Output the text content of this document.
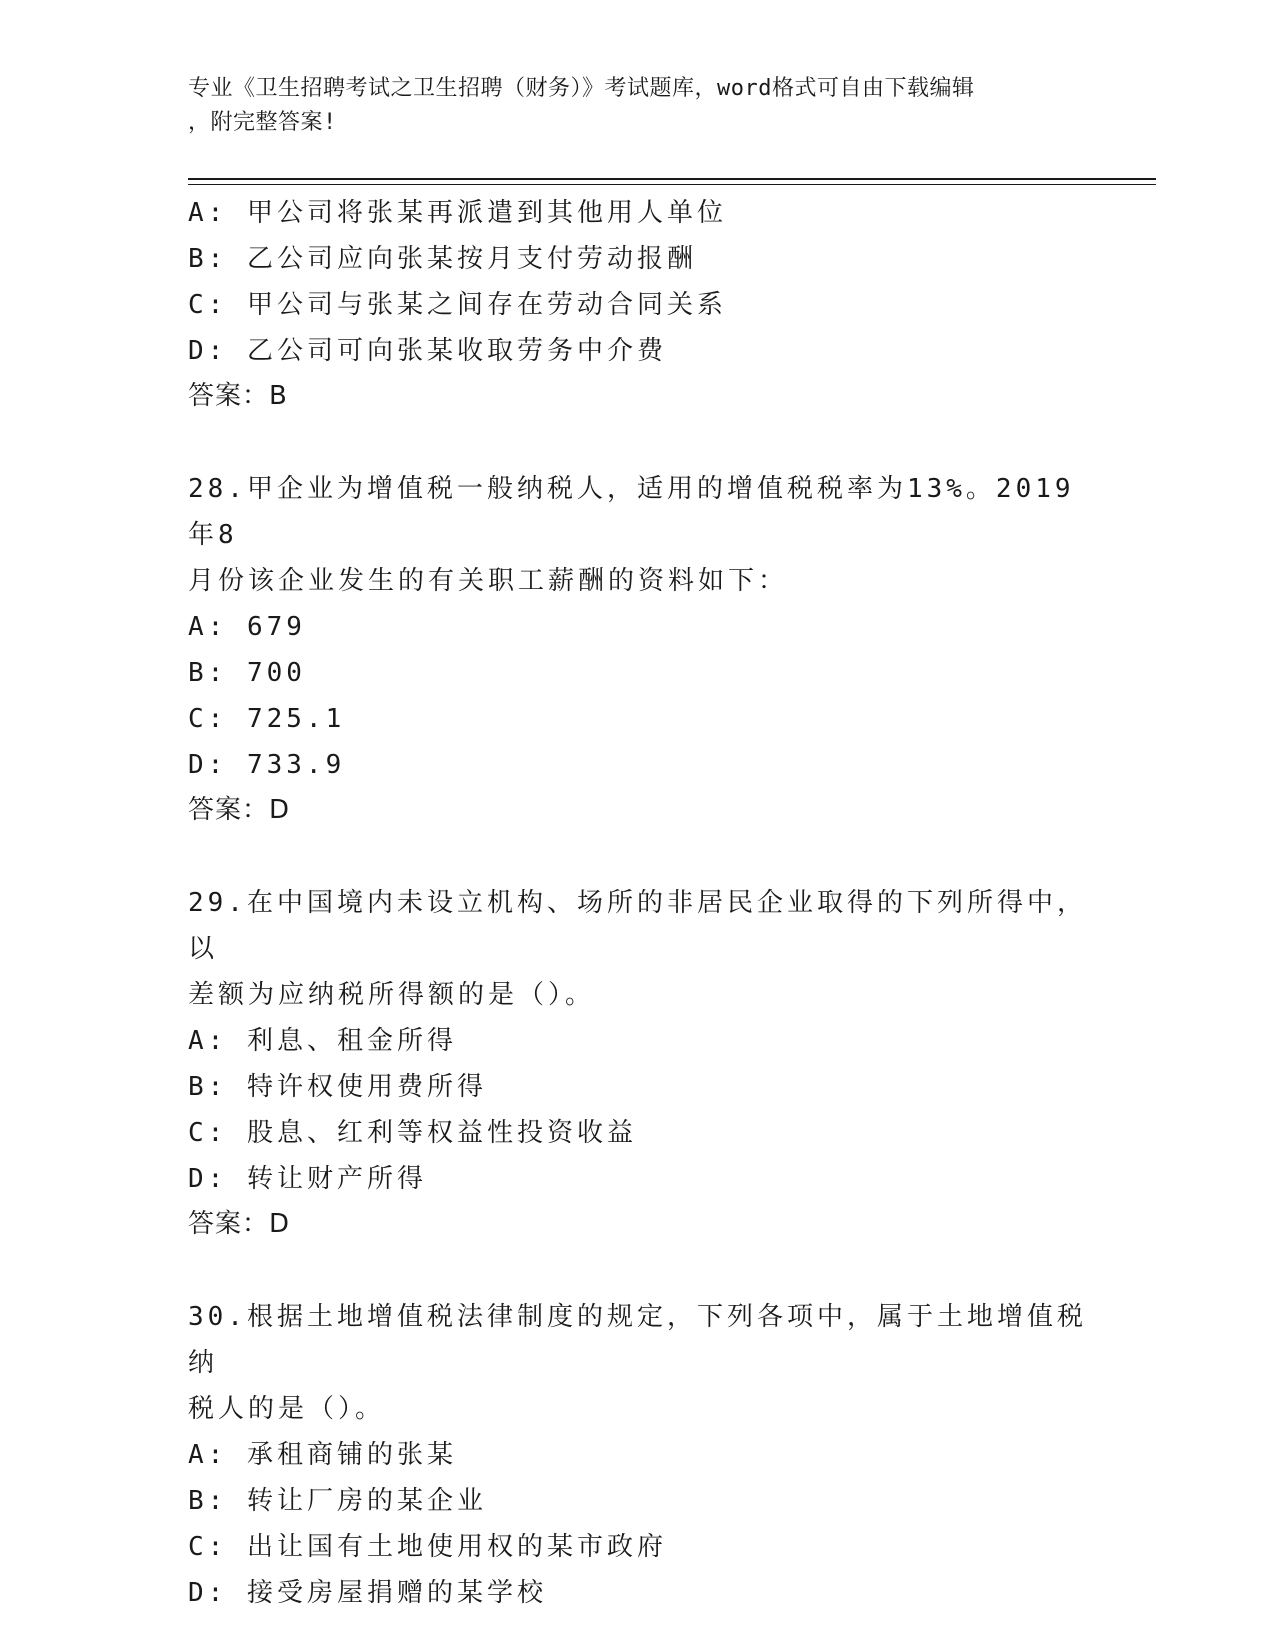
专业《卫生招聘考试之卫生招聘（财务）》考试题库，word格式可自由下载编辑

，附完整答案!
A: 甲公司将张某再派遣到其他用人单位
B: 乙公司应向张某按月支付劳动报酬
C: 甲公司与张某之间存在劳动合同关系
D: 乙公司可向张某收取劳务中介费
答案：B
28.甲企业为增值税一般纳税人，适用的增值税税率为13%。2019年8
月份该企业发生的有关职工薪酬的资料如下：
A: 679
B: 700
C: 725.1
D: 733.9
答案：D
29.在中国境内未设立机构、场所的非居民企业取得的下列所得中，以
差额为应纳税所得额的是（）。
A: 利息、租金所得
B: 特许权使用费所得
C: 股息、红利等权益性投资收益
D: 转让财产所得
答案：D
30.根据土地增值税法律制度的规定，下列各项中，属于土地增值税纳
税人的是（）。
A: 承租商铺的张某
B: 转让厂房的某企业
C: 出让国有土地使用权的某市政府
D: 接受房屋捐赠的某学校
